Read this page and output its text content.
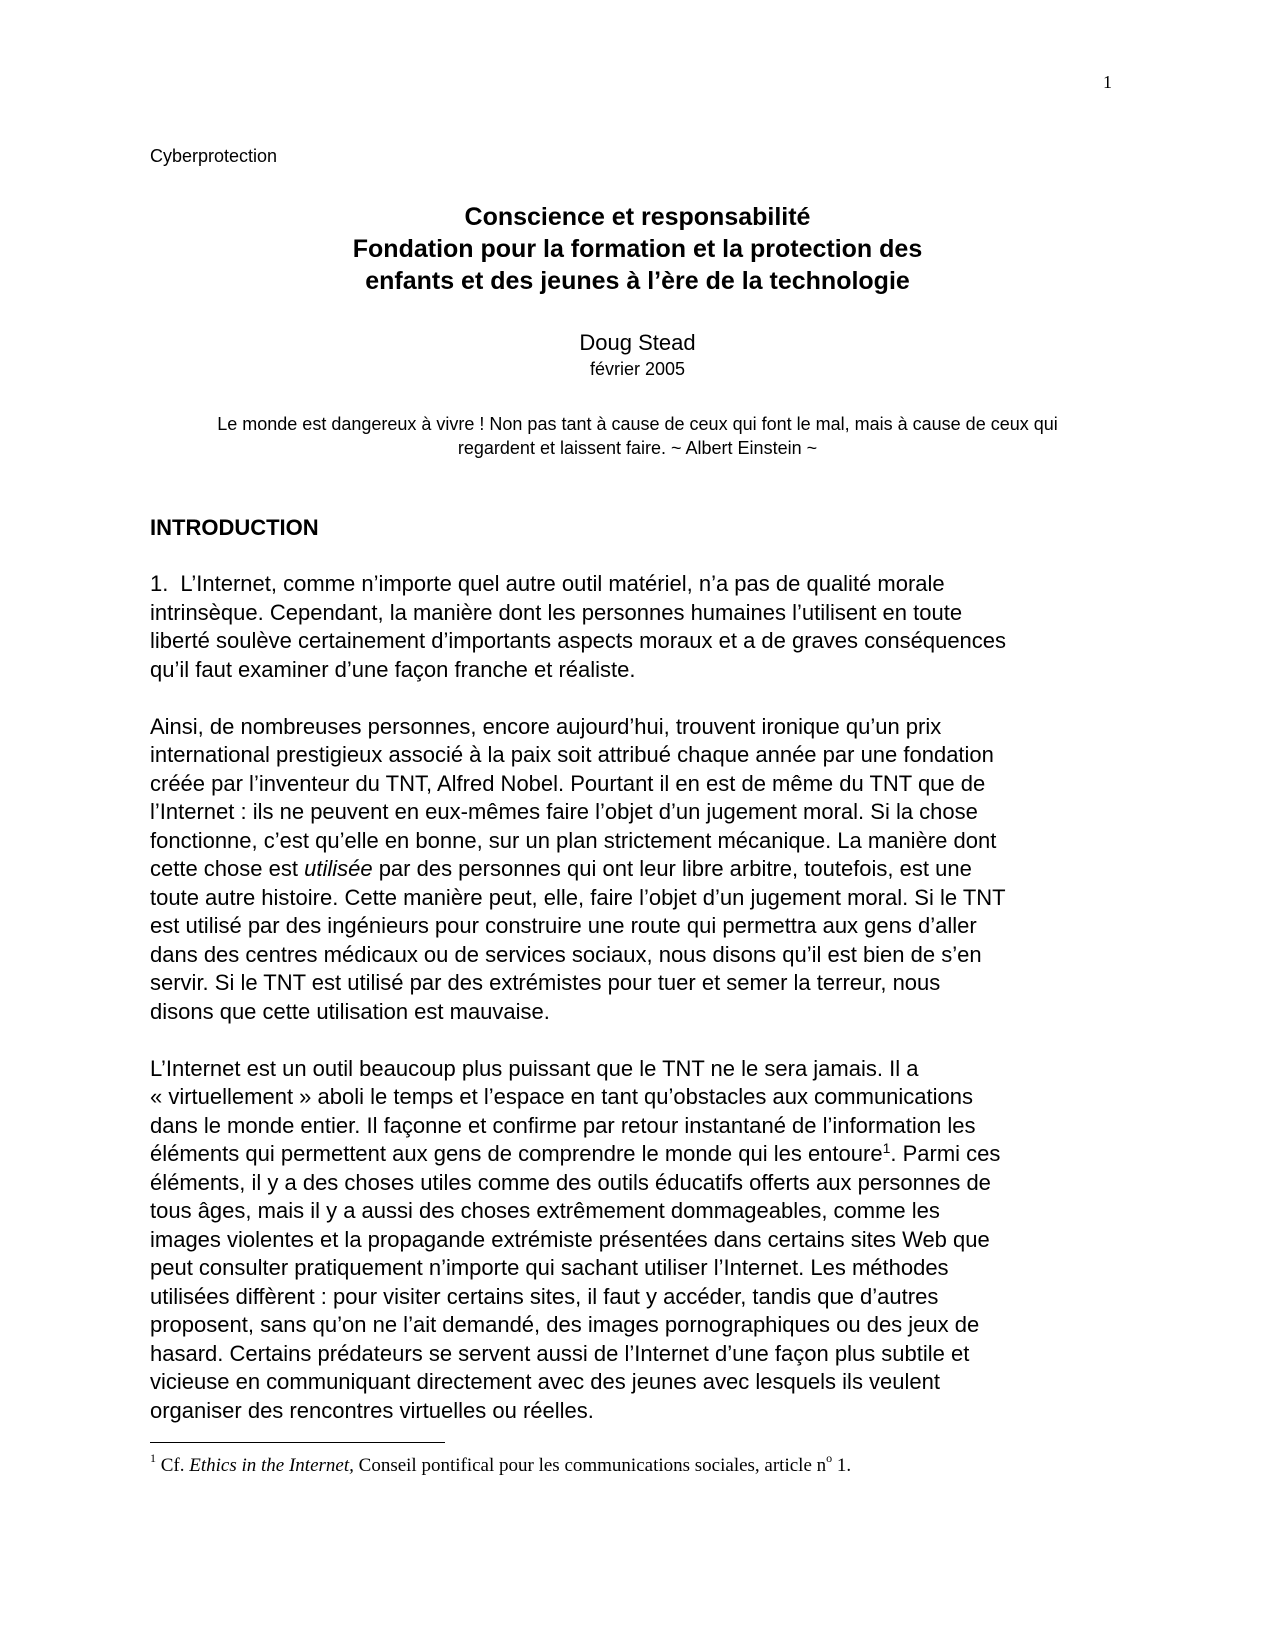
1
Cyberprotection
Conscience et responsabilité
Fondation pour la formation et la protection des
enfants et des jeunes à l’ère de la technologie
Doug Stead
février 2005
Le monde est dangereux à vivre ! Non pas tant à cause de ceux qui font le mal, mais à cause de ceux qui
regardent et laissent faire. ~ Albert Einstein ~
INTRODUCTION
1. L’Internet, comme n’importe quel autre outil matériel, n’a pas de qualité morale
intrinsèque. Cependant, la manière dont les personnes humaines l’utilisent en toute
liberté soulève certainement d’importants aspects moraux et a de graves conséquences
qu’il faut examiner d’une façon franche et réaliste.
Ainsi, de nombreuses personnes, encore aujourd’hui, trouvent ironique qu’un prix
international prestigieux associé à la paix soit attribué chaque année par une fondation
créée par l’inventeur du TNT, Alfred Nobel. Pourtant il en est de même du TNT que de
l’Internet : ils ne peuvent en eux-mêmes faire l’objet d’un jugement moral. Si la chose
fonctionne, c’est qu’elle en bonne, sur un plan strictement mécanique. La manière dont
cette chose est utilisée par des personnes qui ont leur libre arbitre, toutefois, est une
toute autre histoire. Cette manière peut, elle, faire l’objet d’un jugement moral. Si le TNT
est utilisé par des ingénieurs pour construire une route qui permettra aux gens d’aller
dans des centres médicaux ou de services sociaux, nous disons qu’il est bien de s’en
servir. Si le TNT est utilisé par des extrémistes pour tuer et semer la terreur, nous
disons que cette utilisation est mauvaise.
L’Internet est un outil beaucoup plus puissant que le TNT ne le sera jamais. Il a
« virtuellement » aboli le temps et l’espace en tant qu’obstacles aux communications
dans le monde entier. Il façonne et confirme par retour instantané de l’information les
éléments qui permettent aux gens de comprendre le monde qui les entoure$^1$. Parmi ces
éléments, il y a des choses utiles comme des outils éducatifs offerts aux personnes de
tous âges, mais il y a aussi des choses extrêmement dommageables, comme les
images violentes et la propagande extrémiste présentées dans certains sites Web que
peut consulter pratiquement n’importe qui sachant utiliser l’Internet. Les méthodes
utilisées diffèrent : pour visiter certains sites, il faut y accéder, tandis que d’autres
proposent, sans qu’on ne l’ait demandé, des images pornographiques ou des jeux de
hasard. Certains prédateurs se servent aussi de l’Internet d’une façon plus subtile et
vicieuse en communiquant directement avec des jeunes avec lesquels ils veulent
organiser des rencontres virtuelles ou réelles.
$^1$ Cf. Ethics in the Internet, Conseil pontifical pour les communications sociales, article $n^o$ 1.
